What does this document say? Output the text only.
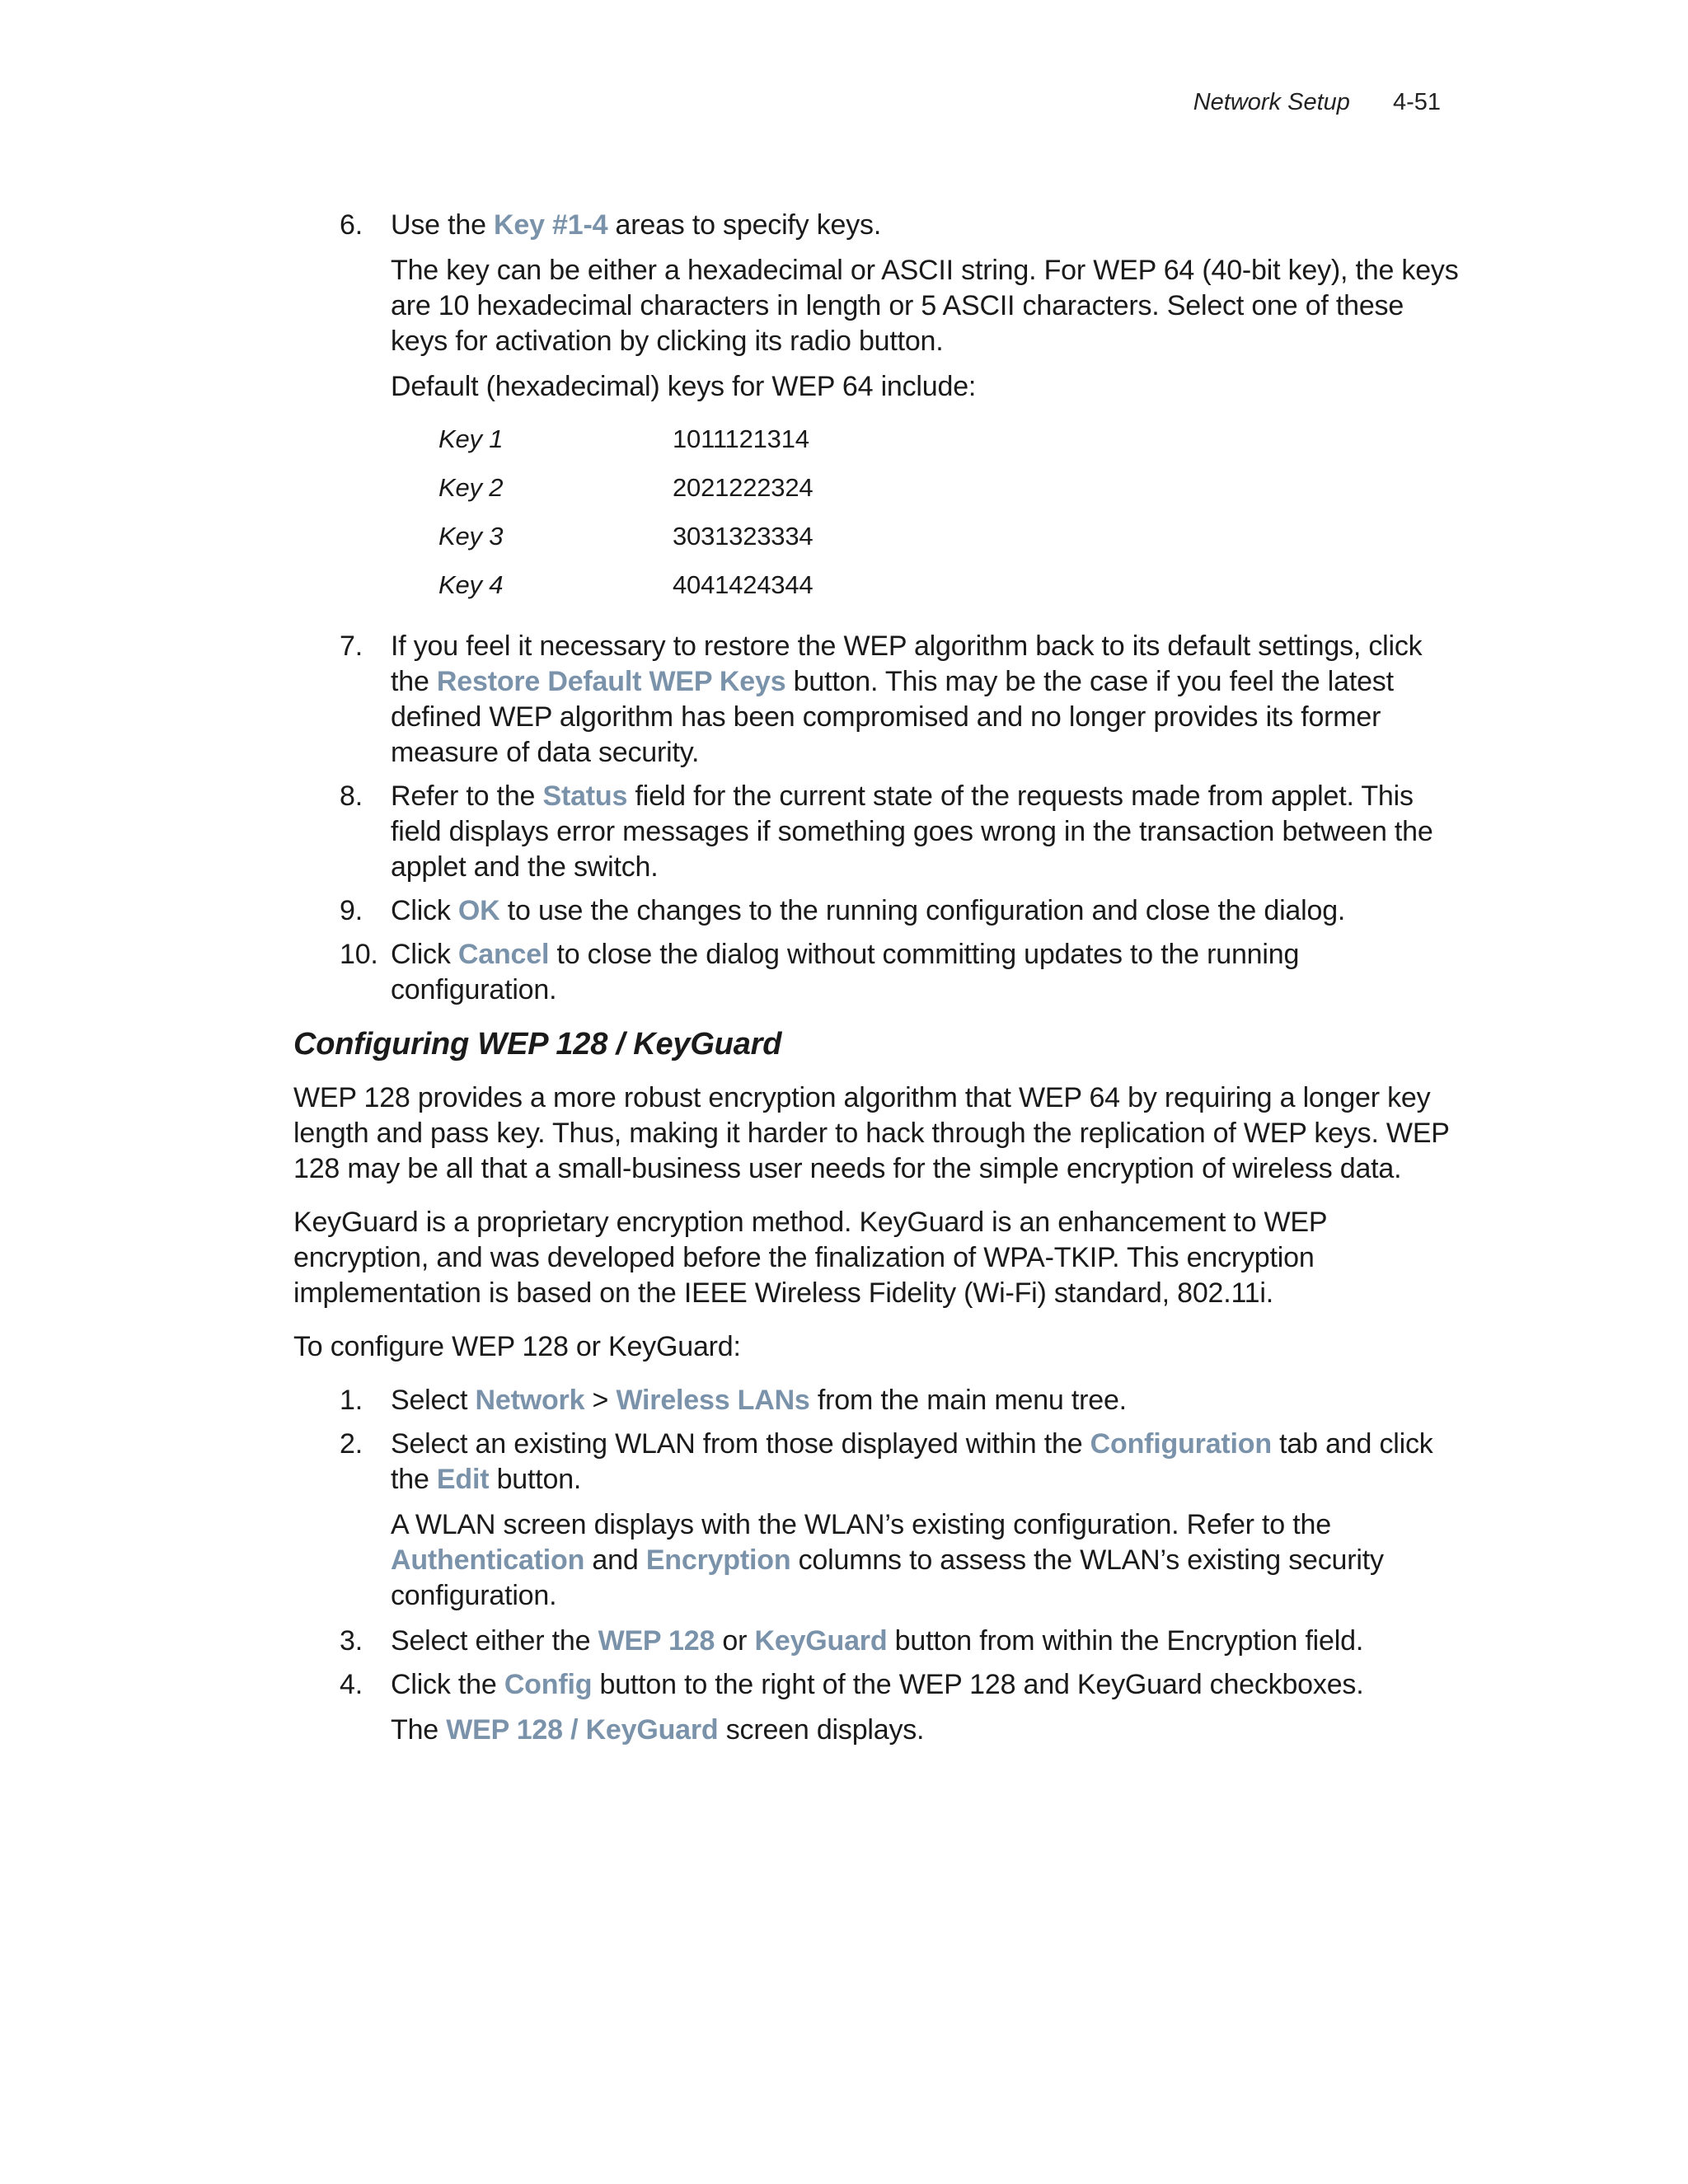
Network Setup 4-51
6. Use the Key #1-4 areas to specify keys.
The key can be either a hexadecimal or ASCII string. For WEP 64 (40-bit key), the keys are 10 hexadecimal characters in length or 5 ASCII characters. Select one of these keys for activation by clicking its radio button.
Default (hexadecimal) keys for WEP 64 include:
Key 1	1011121314
Key 2	2021222324
Key 3	3031323334
Key 4	4041424344
7. If you feel it necessary to restore the WEP algorithm back to its default settings, click the Restore Default WEP Keys button. This may be the case if you feel the latest defined WEP algorithm has been compromised and no longer provides its former measure of data security.
8. Refer to the Status field for the current state of the requests made from applet. This field displays error messages if something goes wrong in the transaction between the applet and the switch.
9. Click OK to use the changes to the running configuration and close the dialog.
10. Click Cancel to close the dialog without committing updates to the running configuration.
Configuring WEP 128 / KeyGuard

WEP 128 provides a more robust encryption algorithm that WEP 64 by requiring a longer key length and pass key. Thus, making it harder to hack through the replication of WEP keys. WEP 128 may be all that a small-business user needs for the simple encryption of wireless data.

KeyGuard is a proprietary encryption method. KeyGuard is an enhancement to WEP encryption, and was developed before the finalization of WPA-TKIP. This encryption implementation is based on the IEEE Wireless Fidelity (Wi-Fi) standard, 802.11i.

To configure WEP 128 or KeyGuard:

1. Select Network > Wireless LANs from the main menu tree.
2. Select an existing WLAN from those displayed within the Configuration tab and click the Edit button.
A WLAN screen displays with the WLAN’s existing configuration. Refer to the Authentication and Encryption columns to assess the WLAN’s existing security configuration.
3. Select either the WEP 128 or KeyGuard button from within the Encryption field.
4. Click the Config button to the right of the WEP 128 and KeyGuard checkboxes.
The WEP 128 / KeyGuard screen displays.
